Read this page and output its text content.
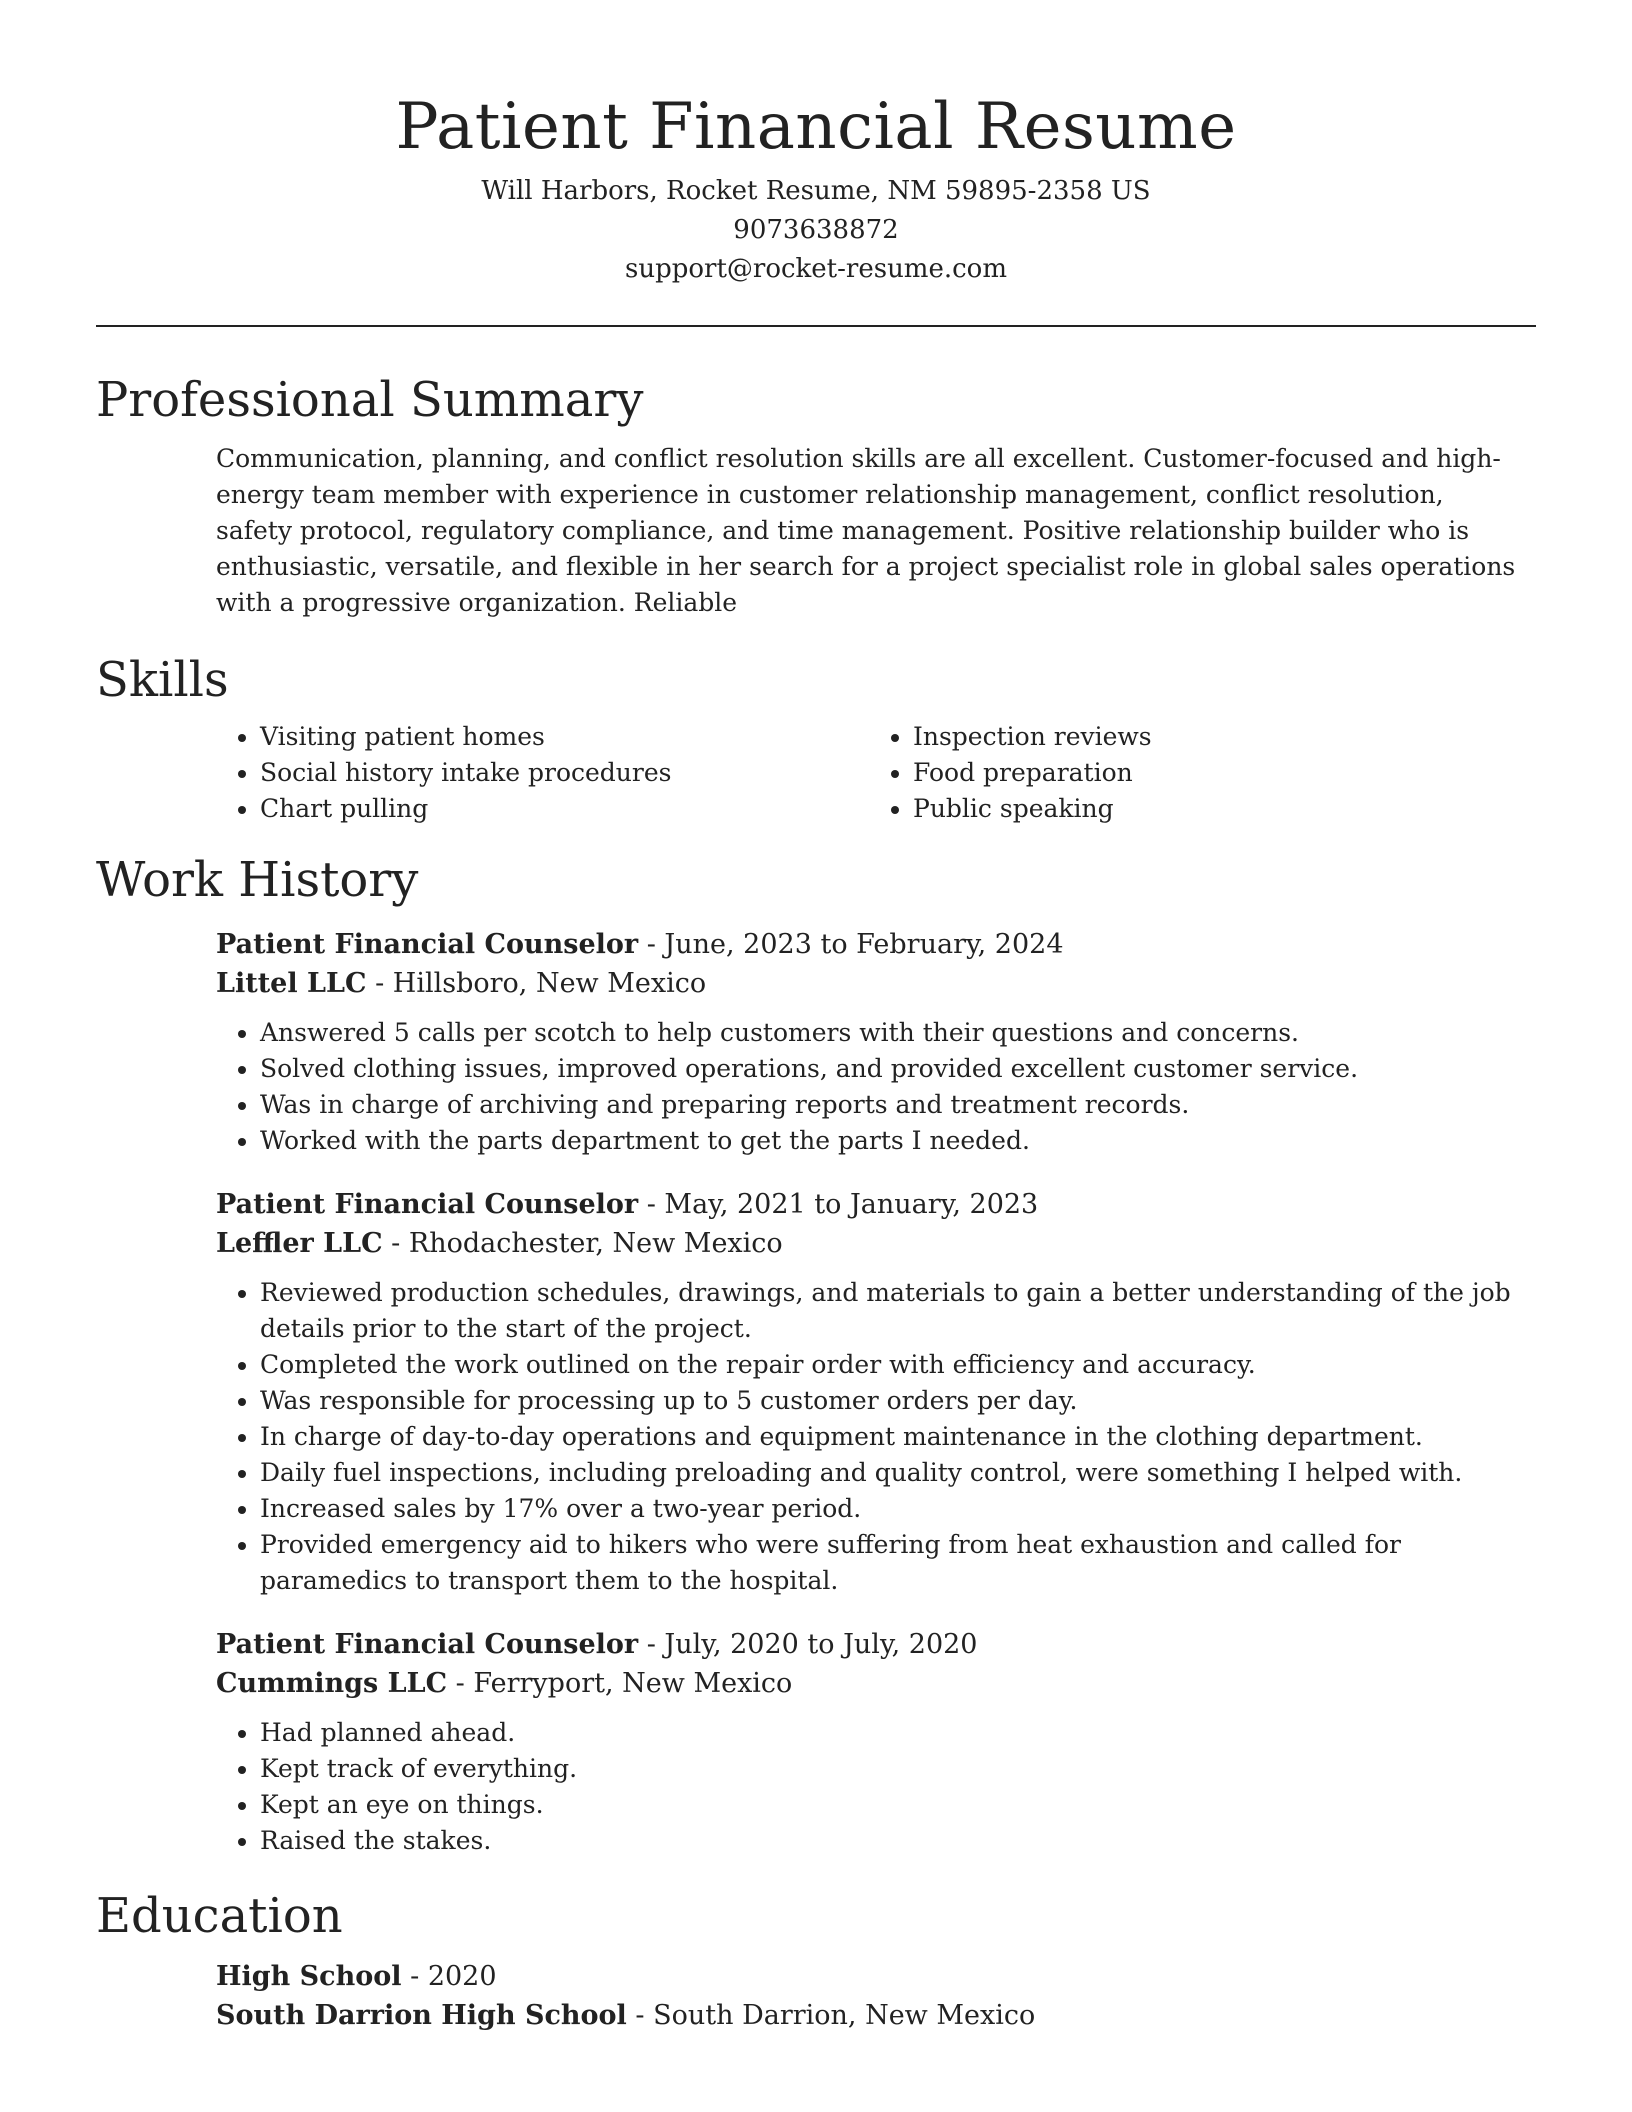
Patient Financial Resume
Will Harbors, Rocket Resume, NM 59895-2358 US
9073638872
support@rocket-resume.com
Professional Summary
Communication, planning, and conflict resolution skills are all excellent. Customer-focused and high-energy team member with experience in customer relationship management, conflict resolution, safety protocol, regulatory compliance, and time management. Positive relationship builder who is enthusiastic, versatile, and flexible in her search for a project specialist role in global sales operations with a progressive organization. Reliable
Skills
• Visiting patient homes
• Social history intake procedures
• Chart pulling
• Inspection reviews
• Food preparation
• Public speaking
Work History
Patient Financial Counselor - June, 2023 to February, 2024
Littel LLC - Hillsboro, New Mexico
• Answered 5 calls per scotch to help customers with their questions and concerns.
• Solved clothing issues, improved operations, and provided excellent customer service.
• Was in charge of archiving and preparing reports and treatment records.
• Worked with the parts department to get the parts I needed.
Patient Financial Counselor - May, 2021 to January, 2023
Leffler LLC - Rhodachester, New Mexico
• Reviewed production schedules, drawings, and materials to gain a better understanding of the job details prior to the start of the project.
• Completed the work outlined on the repair order with efficiency and accuracy.
• Was responsible for processing up to 5 customer orders per day.
• In charge of day-to-day operations and equipment maintenance in the clothing department.
• Daily fuel inspections, including preloading and quality control, were something I helped with.
• Increased sales by 17% over a two-year period.
• Provided emergency aid to hikers who were suffering from heat exhaustion and called for paramedics to transport them to the hospital.
Patient Financial Counselor - July, 2020 to July, 2020
Cummings LLC - Ferryport, New Mexico
• Had planned ahead.
• Kept track of everything.
• Kept an eye on things.
• Raised the stakes.
Education
High School - 2020
South Darrion High School - South Darrion, New Mexico
